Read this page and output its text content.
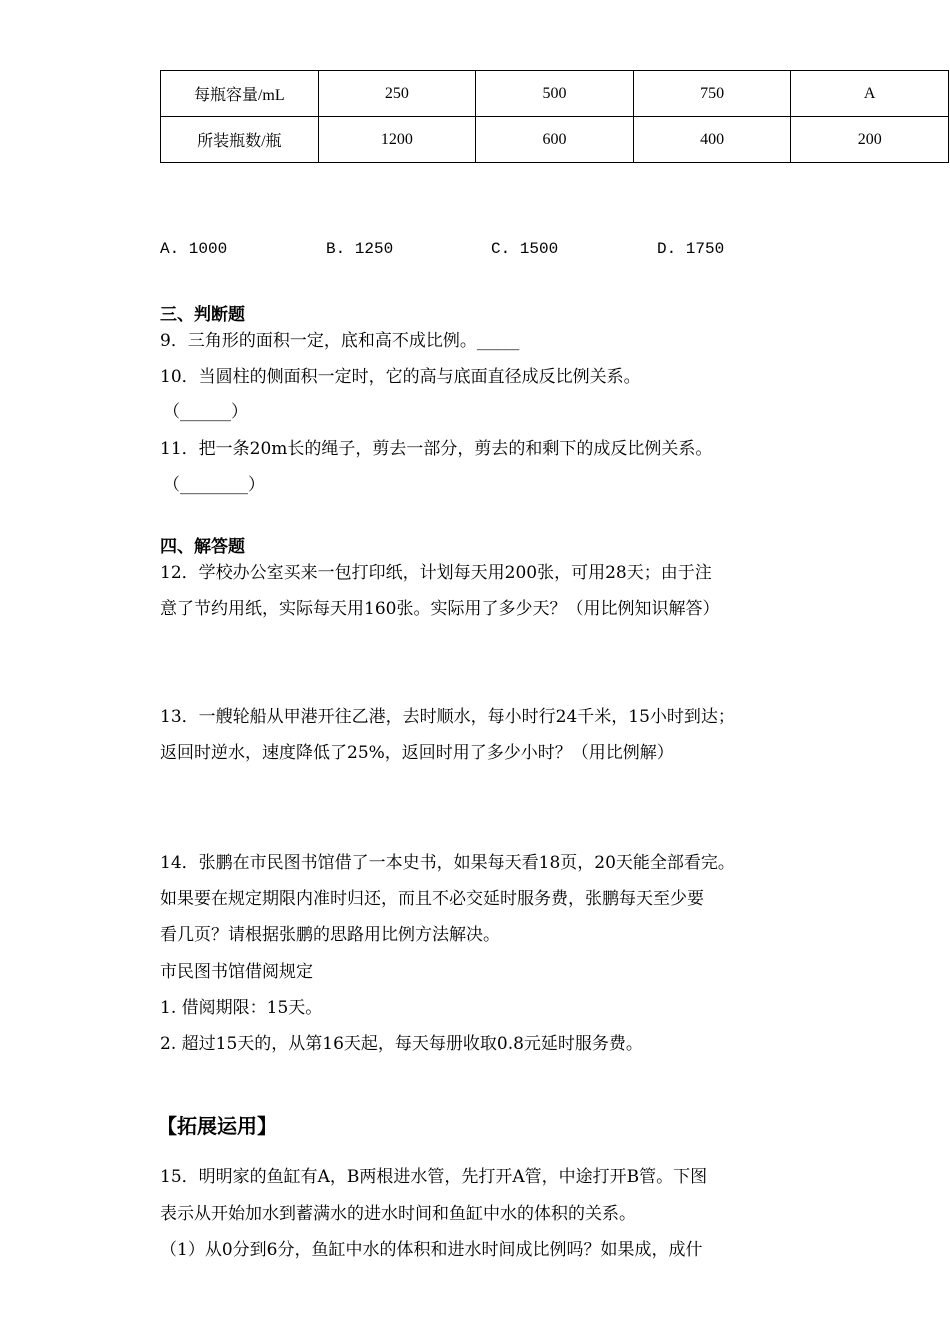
每瓶容量/mL	250	500	750	A
所装瓶数/瓶	1200	600	400	200
A. 1000	B. 1250	C. 1500	D. 1750
三、判断题
9．三角形的面积一定，底和高不成比例。_____
10．当圆柱的侧面积一定时，它的高与底面直径成反比例关系。
（______）
11．把一条20m长的绳子，剪去一部分，剪去的和剩下的成反比例关系。
（________）
四、解答题
12．学校办公室买来一包打印纸，计划每天用200张，可用28天；由于注
意了节约用纸，实际每天用160张。实际用了多少天？（用比例知识解答）
13．一艘轮船从甲港开往乙港，去时顺水，每小时行24千米，15小时到达；
返回时逆水，速度降低了25%，返回时用了多少小时？（用比例解）
14．张鹏在市民图书馆借了一本史书，如果每天看18页，20天能全部看完。
如果要在规定期限内准时归还，而且不必交延时服务费，张鹏每天至少要
看几页？请根据张鹏的思路用比例方法解决。
市民图书馆借阅规定
1. 借阅期限：15天。
2. 超过15天的，从第16天起，每天每册收取0.8元延时服务费。
【拓展运用】
15．明明家的鱼缸有A，B两根进水管，先打开A管，中途打开B管。下图
表示从开始加水到蓄满水的进水时间和鱼缸中水的体积的关系。
（1）从0分到6分，鱼缸中水的体积和进水时间成比例吗？如果成，成什
